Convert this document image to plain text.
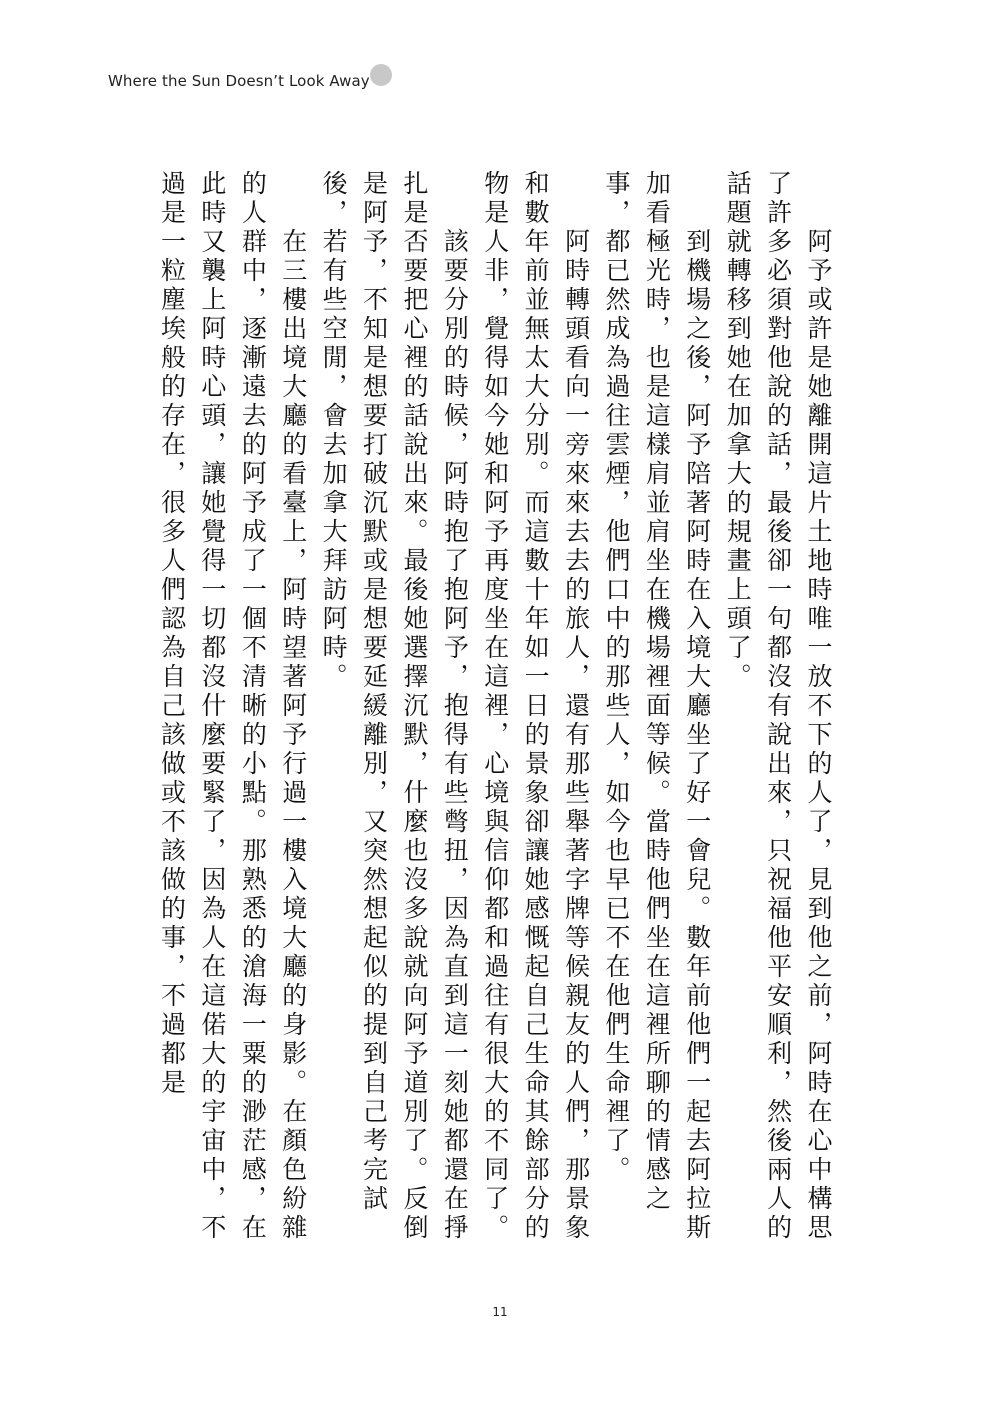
Where the Sun Doesn’t Look Away

阿予或許是她離開這片土地時唯一放不下的人了，見到他之前，阿時在心中構思了許多必須對他說的話，最後卻一句都沒有說出來，只祝福他平安順利，然後兩人的話題就轉移到她在加拿大的規畫上頭了。

到機場之後，阿予陪著阿時在入境大廳坐了好一會兒。數年前他們一起去阿拉斯加看極光時，也是這樣肩並肩坐在機場裡面等候。當時他們坐在這裡所聊的情感之事，都已然成為過往雲煙，他們口中的那些人，如今也早已不在他們生命裡了。

阿時轉頭看向一旁來來去去的旅人，還有那些舉著字牌等候親友的人們，那景象和數年前並無太大分別。而這數十年如一日的景象卻讓她感慨起自己生命其餘部分的物是人非，覺得如今她和阿予再度坐在這裡，心境與信仰都和過往有很大的不同了。

該要分別的時候，阿時抱了抱阿予，抱得有些彆扭，因為直到這一刻她都還在掙扎是否要把心裡的話說出來。最後她選擇沉默，什麼也沒多說就向阿予道別了。反倒是阿予，不知是想要打破沉默或是想要延緩離別，又突然想起似的提到自己考完試後，若有些空閒，會去加拿大拜訪阿時。

在三樓出境大廳的看臺上，阿時望著阿予行過一樓入境大廳的身影。在顏色紛雜的人群中，逐漸遠去的阿予成了一個不清晰的小點。那熟悉的滄海一粟的渺茫感，在此時又襲上阿時心頭，讓她覺得一切都沒什麼要緊了，因為人在這偌大的宇宙中，不過是一粒塵埃般的存在，很多人們認為自己該做或不該做的事，不過都是

11
